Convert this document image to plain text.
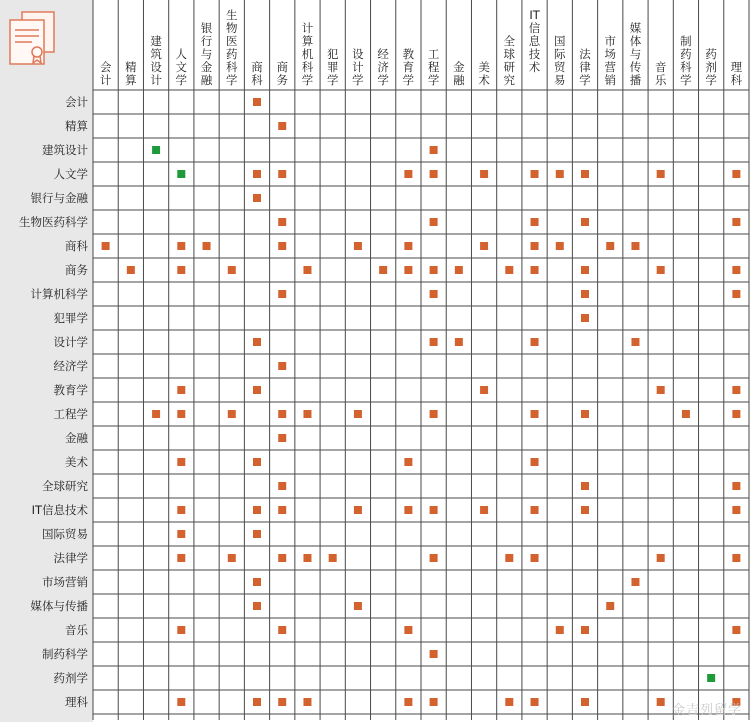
会计
精算
建筑设计
人文学
银行与金融
生物医药科学
商科
商务
计算机科学
犯罪学
设计学
经济学
教育学
工程学
金融
美术
全球研究
IT信息技术
国际贸易
法律学
市场营销
媒体与传播
音乐
制药科学
药剂学
理科
会计
精算
建筑设计
人文学
银行与金融
生物医药科学
商科
商务
计算机科学
犯罪学
设计学
经济学
教育学
工程学
金融
美术
全球研究
IT信息技术
国际贸易
法律学
市场营销
媒体与传播
音乐
制药科学
药剂学
理科
金吉列留学
